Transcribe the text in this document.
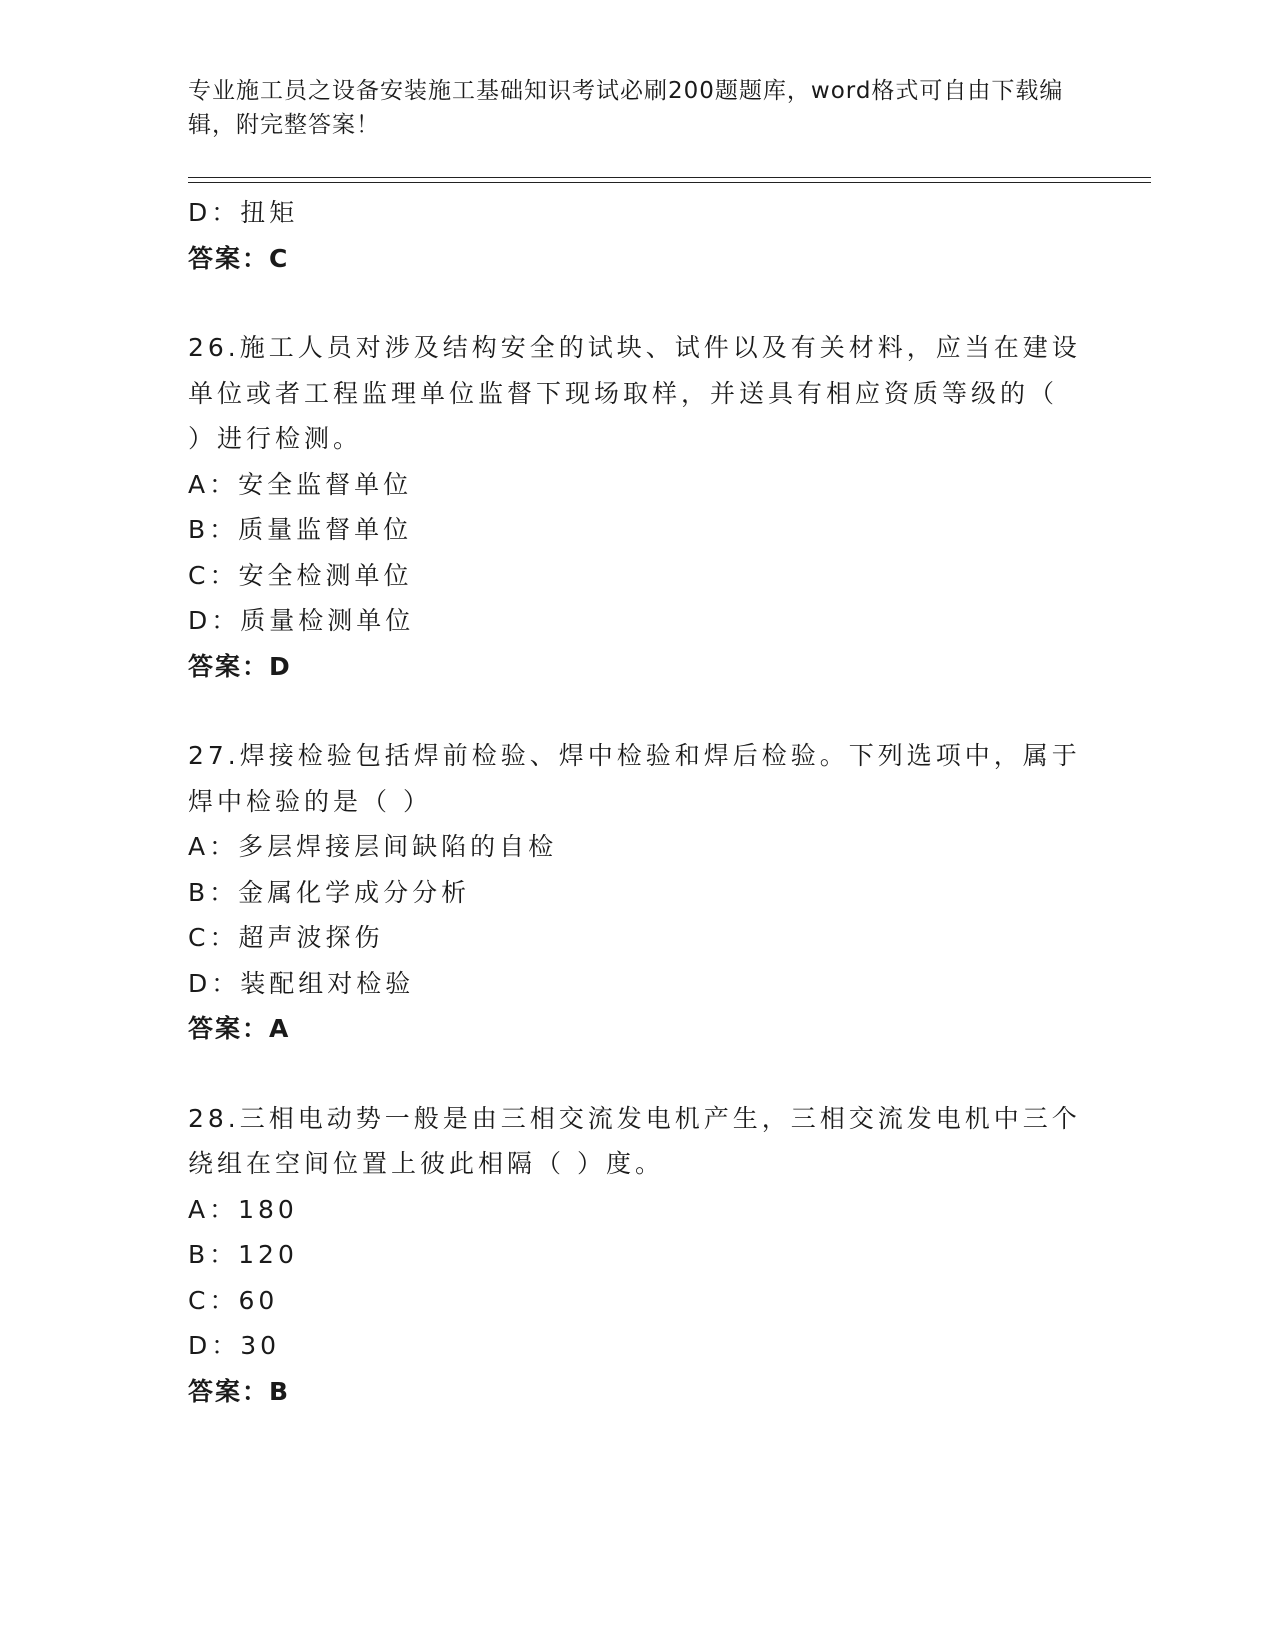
专业施工员之设备安装施工基础知识考试必刷200题题库，word格式可自由下载编辑，附完整答案！
D：扭矩
答案：C
26.施工人员对涉及结构安全的试块、试件以及有关材料，应当在建设
单位或者工程监理单位监督下现场取样，并送具有相应资质等级的（
）进行检测。
A：安全监督单位
B：质量监督单位
C：安全检测单位
D：质量检测单位
答案：D
27.焊接检验包括焊前检验、焊中检验和焊后检验。下列选项中，属于
焊中检验的是（ ）
A：多层焊接层间缺陷的自检
B：金属化学成分分析
C：超声波探伤
D：装配组对检验
答案：A
28.三相电动势一般是由三相交流发电机产生，三相交流发电机中三个
绕组在空间位置上彼此相隔（ ）度。
A：180
B：120
C：60
D：30
答案：B
